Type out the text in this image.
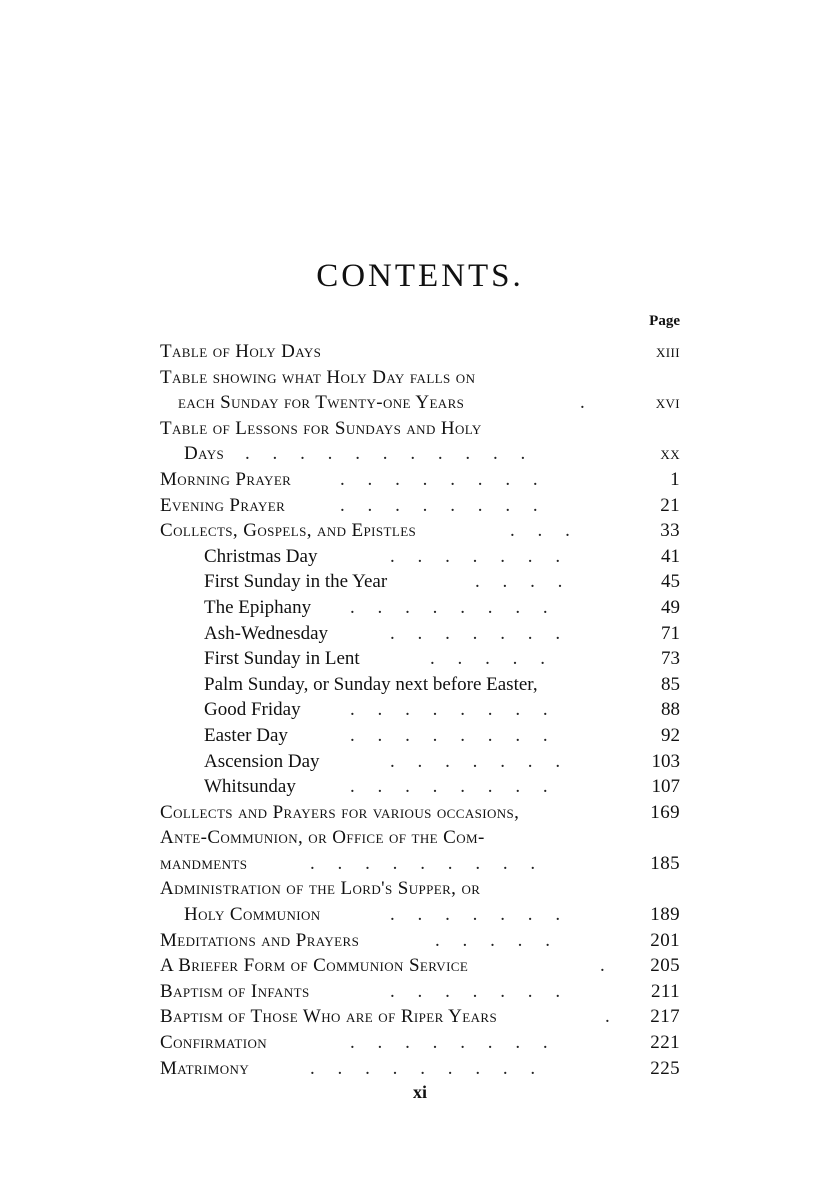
CONTENTS.
Page
Table of Holy Days	xiii
Table showing what Holy Day falls on
each Sunday for Twenty-one Years	.	xvi
Table of Lessons for Sundays and Holy
Days .  .  .  .  .  .  .  .  .  .  .	xx
Morning Prayer	.  .  .  .  .  .  .  .	1
Evening Prayer	.  .  .  .  .  .  .  .	21
Collects, Gospels, and Epistles	.  .  .	33
Christmas Day	.  .  .  .  .  .  .	41
First Sunday in the Year	.  .  .  .	45
The Epiphany .  .  .  .  .  .  .  .	49
Ash-Wednesday	.  .  .  .  .  .  .	71
First Sunday in Lent	.  .  .  .  .	73
Palm Sunday, or Sunday next before Easter,	85
Good Friday	.  .  .  .  .  .  .  .	88
Easter Day	.  .  .  .  .  .  .  .	92
Ascension Day	.  .  .  .  .  .  .	103
Whitsunday	.  .  .  .  .  .  .  .	107
Collects and Prayers for various occasions,	169
Ante-Communion, or Office of the Com-
mandments	.  .  .  .  .  .  .  .  .	185
Administration of the Lord's Supper, or
Holy Communion	.  .  .  .  .  .  .	189
Meditations and Prayers	.  .  .  .  .	201
A Briefer Form of Communion Service	.	205
Baptism of Infants	.  .  .  .  .  .  .	211
Baptism of Those Who are of Riper Years	.	217
Confirmation	.  .  .  .  .  .  .  .	221
Matrimony	.  .  .  .  .  .  .  .  .	225
xi
